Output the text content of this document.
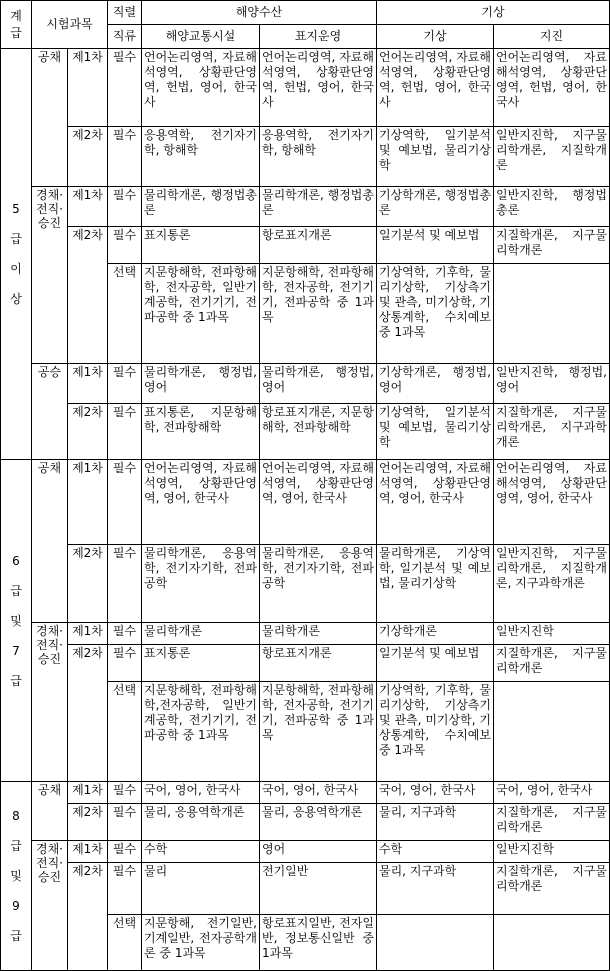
계급	시험과목		직렬	해양수산		기상	
			직류	해양교통시설	표지운영	기상	지진
5급이상	공채	제1차	필수	언어논리영역, 자료해석영역, 상황판단영역, 헌법, 영어, 한국사	언어논리영역, 자료해석영역, 상황판단영역, 헌법, 영어, 한국사	언어논리영역, 자료해석영역, 상황판단영역, 헌법, 영어, 한국사	언어논리영역, 자료해석영역, 상황판단영역, 헌법, 영어, 한국사
		제2차	필수	응용역학, 전기자기학, 항해학	응용역학, 전기자기학, 항해학	기상역학, 일기분석 및 예보법, 물리기상학	일반지진학, 지구물리학개론, 지질학개론
	경채·전직·승진	제1차	필수	물리학개론, 행정법총론	물리학개론, 행정법총론	기상학개론, 행정법총론	일반지진학, 행정법총론
		제2차	필수	표지통론	항로표지개론	일기분석 및 예보법	지질학개론, 지구물리학개론
			선택	지문항해학, 전파항해학, 전자공학, 일반기계공학, 전기기기, 전파공학 중 1과목	지문항해학, 전파항해학, 전자공학, 전기기기, 전파공학 중 1과목	기상역학, 기후학, 물리기상학, 기상측기 및 관측, 미기상학, 기상통계학, 수치예보 중 1과목	
	공승	제1차	필수	물리학개론, 행정법, 영어	물리학개론, 행정법, 영어	기상학개론, 행정법, 영어	일반지진학, 행정법, 영어
		제2차	필수	표지통론, 지문항해학, 전파항해학	항로표지개론, 지문항해학, 전파항해학	기상역학, 일기분석 및 예보법, 물리기상학	지질학개론, 지구물리학개론, 지구과학개론
6급및7급	공채	제1차	필수	언어논리영역, 자료해석영역, 상황판단영역, 영어, 한국사	언어논리영역, 자료해석영역, 상황판단영역, 영어, 한국사	언어논리영역, 자료해석영역, 상황판단영역, 영어, 한국사	언어논리영역, 자료해석영역, 상황판단영역, 영어, 한국사
		제2차	필수	물리학개론, 응용역학, 전기자기학, 전파공학	물리학개론, 응용역학, 전기자기학, 전파공학	물리학개론, 기상역학, 일기분석 및 예보법, 물리기상학	일반지진학, 지구물리학개론, 지질학개론, 지구과학개론
	경채·전직·승진	제1차	필수	물리학개론	물리학개론	기상학개론	일반지진학
		제2차	필수	표지통론	항로표지개론	일기분석 및 예보법	지질학개론, 지구물리학개론
			선택	지문항해학, 전파항해학,전자공학, 일반기계공학, 전기기기, 전파공학 중 1과목	지문항해학, 전파항해학, 전자공학, 전기기기, 전파공학 중 1과목	기상역학, 기후학, 물리기상학, 기상측기 및 관측, 미기상학, 기상통계학, 수치예보 중 1과목	
8급및9급	공채	제1차	필수	국어, 영어, 한국사	국어, 영어, 한국사	국어, 영어, 한국사	국어, 영어, 한국사
		제2차	필수	물리, 응용역학개론	물리, 응용역학개론	물리, 지구과학	지질학개론, 지구물리학개론
	경채·전직·승진	제1차	필수	수학	영어	수학	일반지진학
		제2차	필수	물리	전기일반	물리, 지구과학	지질학개론, 지구물리학개론
			선택	지문항해, 전기일반, 기계일반, 전자공학개론 중 1과목	항로표지일반, 전자일반, 정보통신일반 중 1과목		
